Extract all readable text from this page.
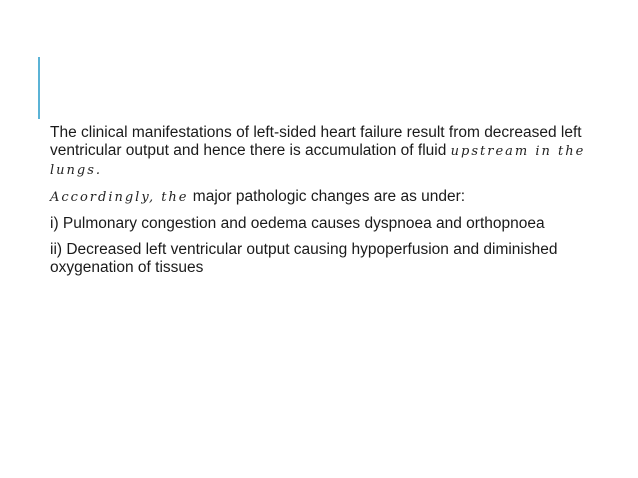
The clinical manifestations of left-sided heart failure result from decreased left ventricular output and hence there is accumulation of fluid upstream in the lungs.

Accordingly, the major pathologic changes are as under:

i) Pulmonary congestion and oedema causes dyspnoea and orthopnoea

ii) Decreased left ventricular output causing hypoperfusion and diminished oxygenation of tissues
